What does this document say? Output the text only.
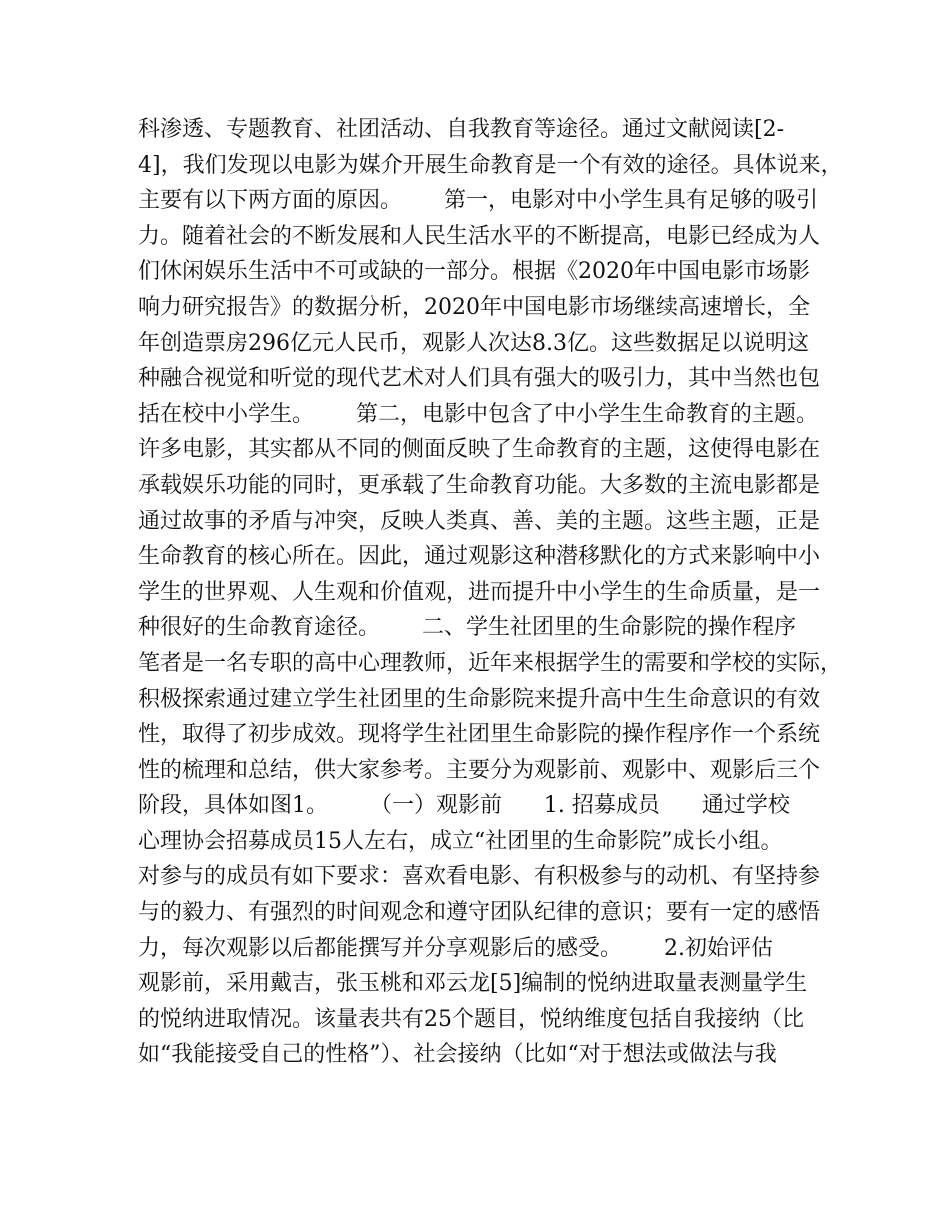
科渗透、专题教育、社团活动、自我教育等途径。通过文献阅读[2-
4]，我们发现以电影为媒介开展生命教育是一个有效的途径。具体说来，
主要有以下两方面的原因。      第一，电影对中小学生具有足够的吸引
力。随着社会的不断发展和人民生活水平的不断提高，电影已经成为人
们休闲娱乐生活中不可或缺的一部分。根据《2020年中国电影市场影
响力研究报告》的数据分析，2020年中国电影市场继续高速增长，全
年创造票房296亿元人民币，观影人次达8.3亿。这些数据足以说明这
种融合视觉和听觉的现代艺术对人们具有强大的吸引力，其中当然也包
括在校中小学生。      第二，电影中包含了中小学生生命教育的主题。
许多电影，其实都从不同的侧面反映了生命教育的主题，这使得电影在
承载娱乐功能的同时，更承载了生命教育功能。大多数的主流电影都是
通过故事的矛盾与冲突，反映人类真、善、美的主题。这些主题，正是
生命教育的核心所在。因此，通过观影这种潜移默化的方式来影响中小
学生的世界观、人生观和价值观，进而提升中小学生的生命质量，是一
种很好的生命教育途径。      二、学生社团里的生命影院的操作程序
笔者是一名专职的高中心理教师，近年来根据学生的需要和学校的实际，
积极探索通过建立学生社团里的生命影院来提升高中生生命意识的有效
性，取得了初步成效。现将学生社团里生命影院的操作程序作一个系统
性的梳理和总结，供大家参考。主要分为观影前、观影中、观影后三个
阶段，具体如图1。      （一）观影前      1. 招募成员      通过学校
心理协会招募成员15人左右，成立“社团里的生命影院”成长小组。
对参与的成员有如下要求：喜欢看电影、有积极参与的动机、有坚持参
与的毅力、有强烈的时间观念和遵守团队纪律的意识；要有一定的感悟
力，每次观影以后都能撰写并分享观影后的感受。      2.初始评估
观影前，采用戴吉，张玉桃和邓云龙[5]编制的悦纳进取量表测量学生
的悦纳进取情况。该量表共有25个题目，悦纳维度包括自我接纳（比
如“我能接受自己的性格”）、社会接纳（比如“对于想法或做法与我
